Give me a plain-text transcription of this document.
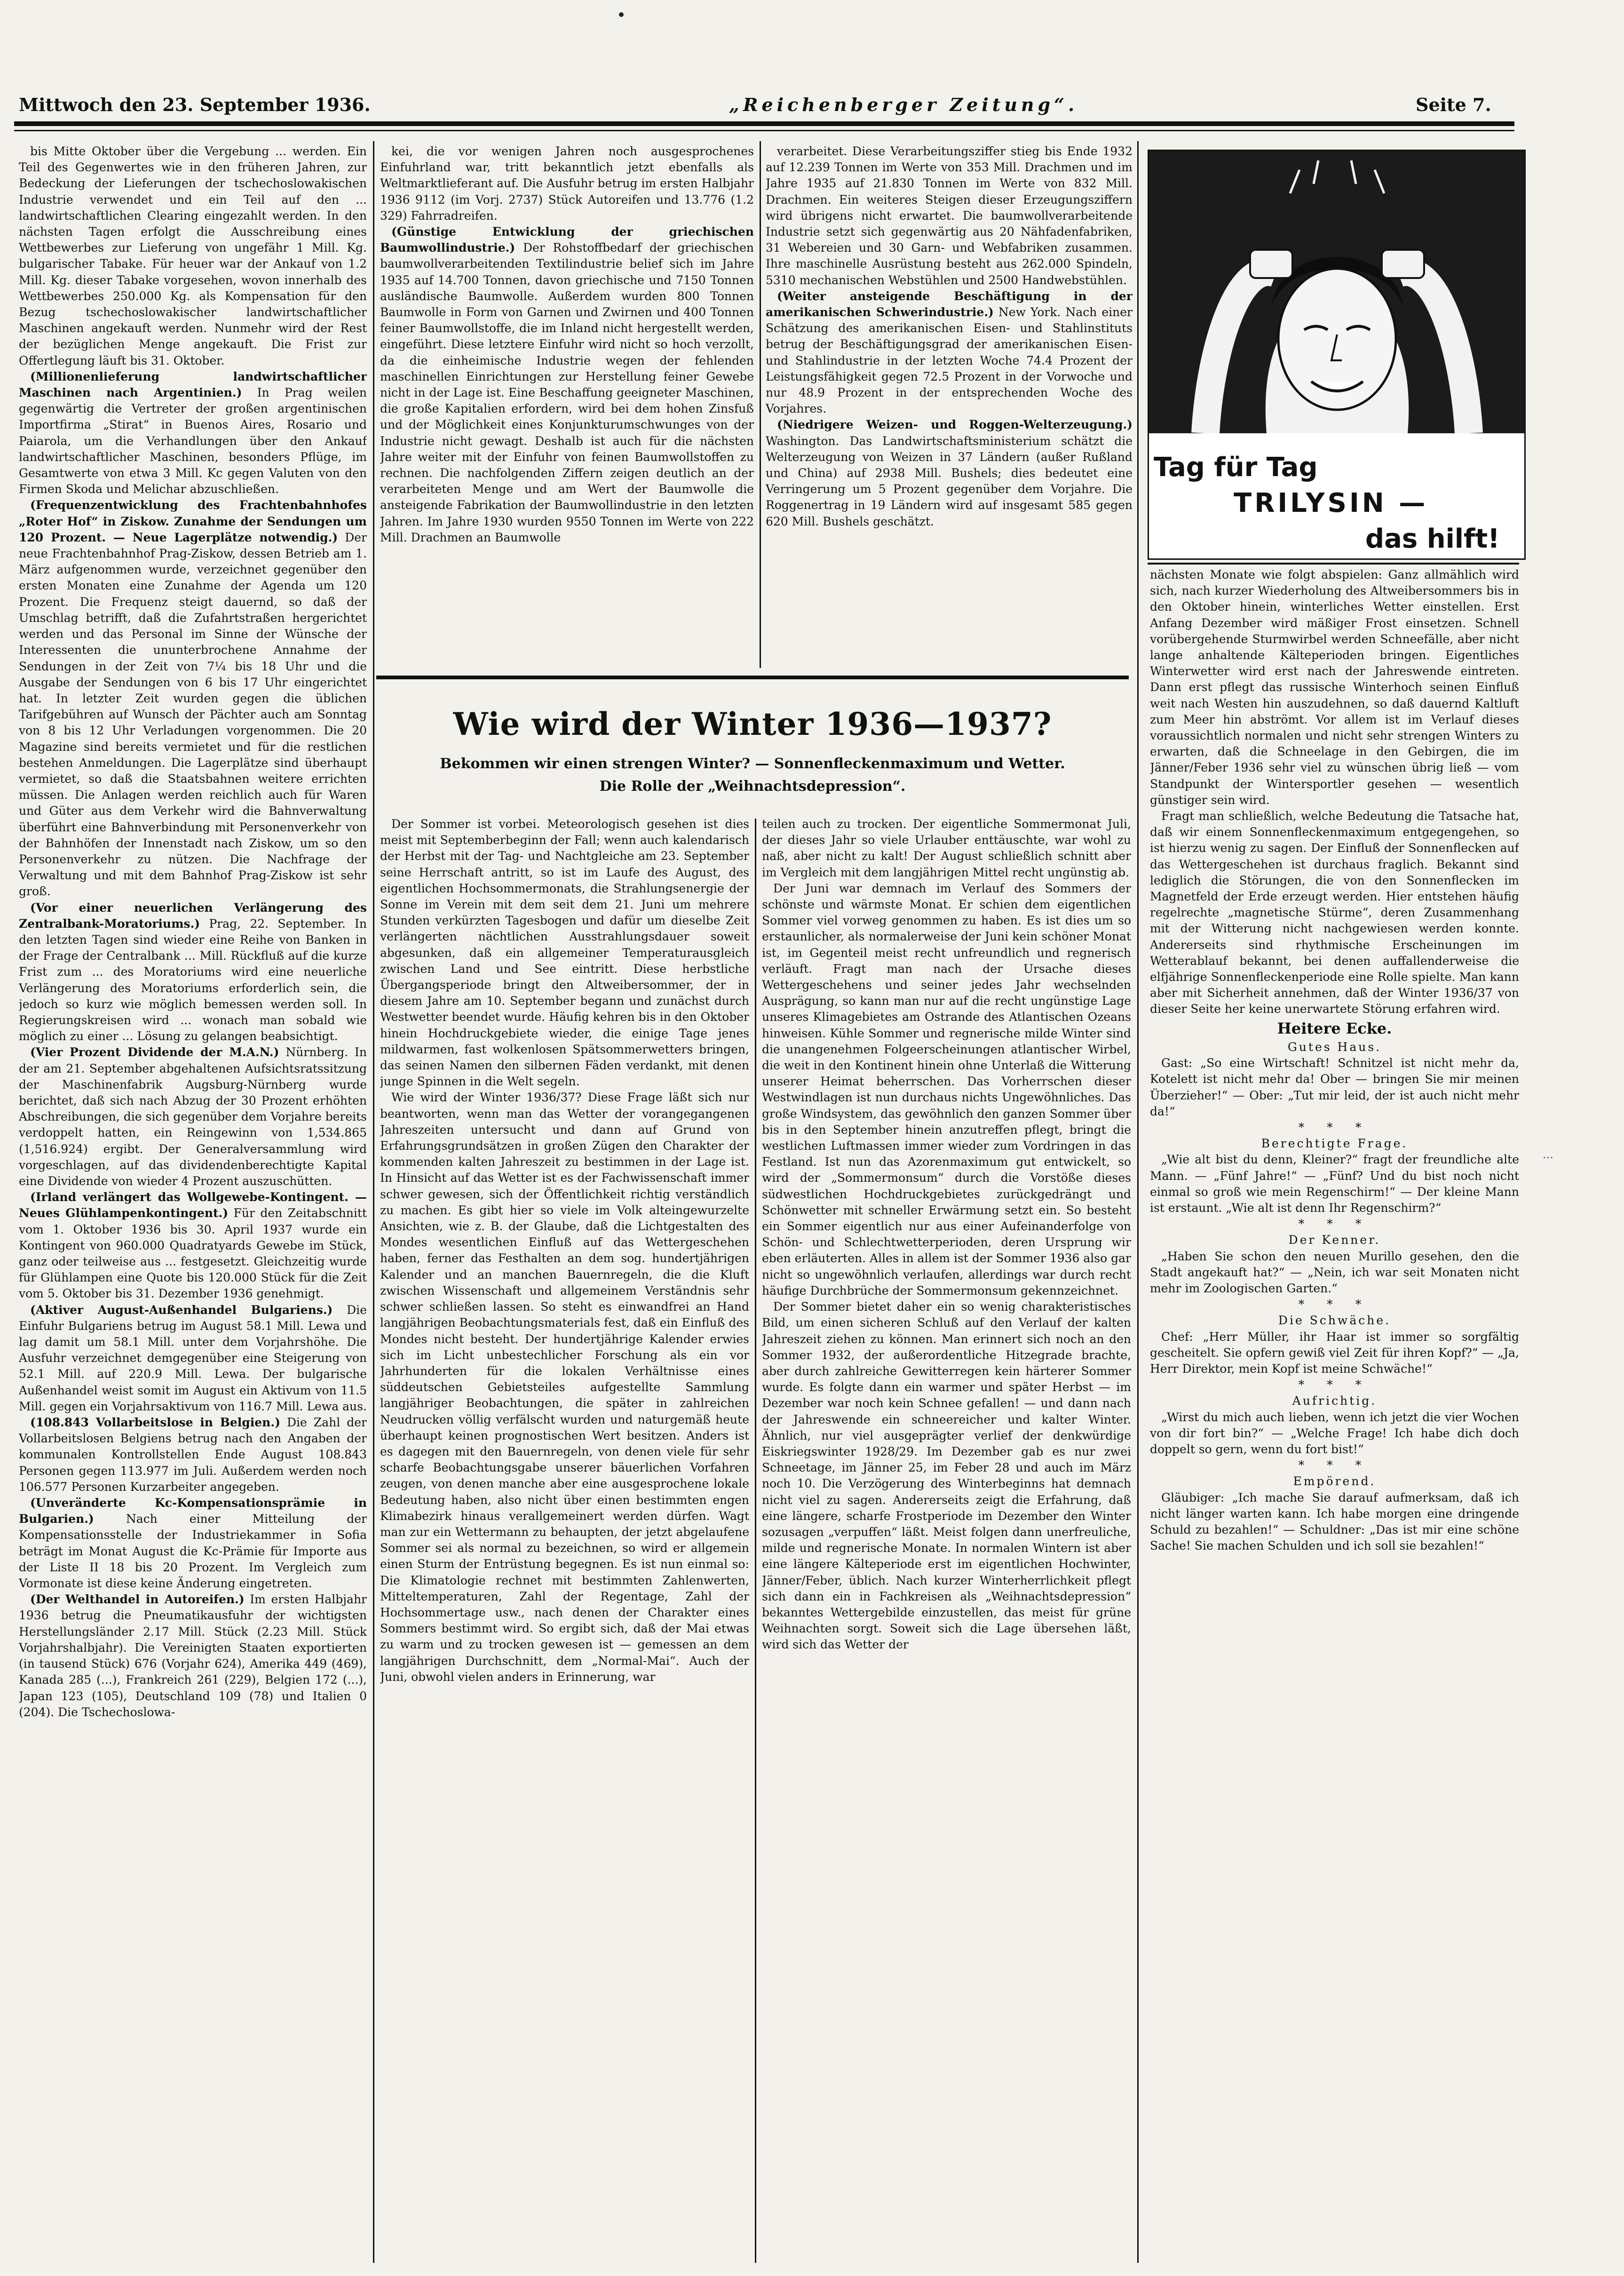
Mittwoch den 23. September 1936.	„Reichenberger Zeitung“.	Seite 7.

bis Mitte Oktober über die Vergebung ... werden. Ein Teil des Gegenwertes wie in den früheren Jahren, zur Bedeckung der Lieferungen der tschechoslowakischen Industrie verwendet und ein Teil auf den ... landwirtschaftlichen Clearing eingezahlt werden. In den nächsten Tagen erfolgt die Ausschreibung eines Wettbewerbes zur Lieferung von ungefähr 1 Mill. Kg. bulgarischer Tabake. Für heuer war der Ankauf von 1.2 Mill. Kg. dieser Tabake vorgesehen, wovon innerhalb des Wettbewerbes 250.000 Kg. als Kompensation für den Bezug tschechoslowakischer landwirtschaftlicher Maschinen angekauft werden. Nunmehr wird der Rest der bezüglichen Menge angekauft. Die Frist zur Offertlegung läuft bis 31. Oktober.

(Millionenlieferung landwirtschaftlicher Maschinen nach Argentinien.) In Prag weilen gegenwärtig die Vertreter der großen argentinischen Importfirma „Stirat“ in Buenos Aires, Rosario und Paiarola, um die Verhandlungen über den Ankauf landwirtschaftlicher Maschinen, besonders Pflüge, im Gesamtwerte von etwa 3 Mill. Kc gegen Valuten von den Firmen Skoda und Melichar abzuschließen.

(Frequenzentwicklung des Frachtenbahnhofes „Roter Hof“ in Ziskow. Zunahme der Sendungen um 120 Prozent. — Neue Lagerplätze notwendig.) Der neue Frachtenbahnhof Prag-Ziskow, dessen Betrieb am 1. März aufgenommen wurde, verzeichnet gegenüber den ersten Monaten eine Zunahme der Agenda um 120 Prozent. Die Frequenz steigt dauernd, so daß der Umschlag betrifft, daß die Zufahrtstraßen hergerichtet werden und das Personal im Sinne der Wünsche der Interessenten die ununterbrochene Annahme der Sendungen in der Zeit von 7¼ bis 18 Uhr und die Ausgabe der Sendungen von 6 bis 17 Uhr eingerichtet hat. In letzter Zeit wurden gegen die üblichen Tarifgebühren auf Wunsch der Pächter auch am Sonntag von 8 bis 12 Uhr Verladungen vorgenommen. Die 20 Magazine sind bereits vermietet und für die restlichen bestehen Anmeldungen. Die Lagerplätze sind überhaupt vermietet, so daß die Staatsbahnen weitere errichten müssen. Die Anlagen werden reichlich auch für Waren und Güter aus dem Verkehr wird die Bahnverwaltung überführt eine Bahnverbindung mit Personenverkehr von der Bahnhöfen der Innenstadt nach Ziskow, um so den Personenverkehr zu nützen. Die Nachfrage der Verwaltung und mit dem Bahnhof Prag-Ziskow ist sehr groß.

(Vor einer neuerlichen Verlängerung des Zentralbank-Moratoriums.) Prag, 22. September. In den letzten Tagen sind wieder eine Reihe von Banken in der Frage der Centralbank ... Mill. Rückfluß auf die kurze Frist zum ... des Moratoriums wird eine neuerliche Verlängerung des Moratoriums erforderlich sein, die jedoch so kurz wie möglich bemessen werden soll. In Regierungskreisen wird ... wonach man sobald wie möglich zu einer ... Lösung zu gelangen beabsichtigt.

(Vier Prozent Dividende der M.A.N.) Nürnberg. In der am 21. September abgehaltenen Aufsichtsratssitzung der Maschinenfabrik Augsburg-Nürnberg wurde berichtet, daß sich nach Abzug der 30 Prozent erhöhten Abschreibungen, die sich gegenüber dem Vorjahre bereits verdoppelt hatten, ein Reingewinn von 1,534.865 (1,516.924) ergibt. Der Generalversammlung wird vorgeschlagen, auf das dividendenberechtigte Kapital eine Dividende von wieder 4 Prozent auszuschütten.

(Irland verlängert das Wollgewebe-Kontingent. — Neues Glühlampenkontingent.) Für den Zeitabschnitt vom 1. Oktober 1936 bis 30. April 1937 wurde ein Kontingent von 960.000 Quadratyards Gewebe im Stück, ganz oder teilweise aus ... festgesetzt. Gleichzeitig wurde für Glühlampen eine Quote bis 120.000 Stück für die Zeit vom 5. Oktober bis 31. Dezember 1936 genehmigt.

(Aktiver August-Außenhandel Bulgariens.) Die Einfuhr Bulgariens betrug im August 58.1 Mill. Lewa und lag damit um 58.1 Mill. unter dem Vorjahrshöhe. Die Ausfuhr verzeichnet demgegenüber eine Steigerung von 52.1 Mill. auf 220.9 Mill. Lewa. Der bulgarische Außenhandel weist somit im August ein Aktivum von 11.5 Mill. gegen ein Vorjahrsaktivum von 116.7 Mill. Lewa aus.

(108.843 Vollarbeitslose in Belgien.) Die Zahl der Vollarbeitslosen Belgiens betrug nach den Angaben der kommunalen Kontrollstellen Ende August 108.843 Personen gegen 113.977 im Juli. Außerdem werden noch 106.577 Personen Kurzarbeiter angegeben.

(Unveränderte Kc-Kompensationsprämie in Bulgarien.)	Nach einer Mitteilung der Kompensationsstelle der Industriekammer in Sofia beträgt im Monat August die Kc-Prämie für Importe aus der Liste II 18 bis 20 Prozent. Im Vergleich zum Vormonate ist diese keine Änderung eingetreten.

(Der Welthandel in Autoreifen.) Im ersten Halbjahr 1936 betrug die Pneumatikausfuhr der wichtigsten Herstellungsländer 2.17 Mill. Stück (2.23 Mill. Stück Vorjahrshalbjahr). Die Vereinigten Staaten exportierten (in tausend Stück) 676 (Vorjahr 624), Amerika 449 (469), Kanada 285 (...), Frankreich 261 (229), Belgien 172 (...), Japan 123 (105), Deutschland 109 (78) und Italien 0 (204). Die Tschechoslowa-

kei, die vor wenigen Jahren noch ausgesprochenes Einfuhrland war, tritt bekanntlich jetzt ebenfalls als Weltmarktlieferant auf. Die Ausfuhr betrug im ersten Halbjahr 1936 9112 (im Vorj. 2737) Stück Autoreifen und 13.776 (1.2 329) Fahrradreifen.

(Günstige Entwicklung der griechischen Baumwollindustrie.) Der Rohstoffbedarf der griechischen baumwollverarbeitenden Textilindustrie belief sich im Jahre 1935 auf 14.700 Tonnen, davon griechische und 7150 Tonnen ausländische Baumwolle. Außerdem wurden 800 Tonnen Baumwolle in Form von Garnen und Zwirnen und 400 Tonnen feiner Baumwollstoffe, die im Inland nicht hergestellt werden, eingeführt. Diese letztere Einfuhr wird nicht so hoch verzollt, da die einheimische Industrie wegen der fehlenden maschinellen Einrichtungen zur Herstellung feiner Gewebe nicht in der Lage ist. Eine Beschaffung geeigneter Maschinen, die große Kapitalien erfordern, wird bei dem hohen Zinsfuß und der Möglichkeit eines Konjunkturumschwunges von der Industrie nicht gewagt. Deshalb ist auch für die nächsten Jahre weiter mit der Einfuhr von feinen Baumwollstoffen zu rechnen. Die nachfolgenden Ziffern zeigen deutlich an der verarbeiteten Menge und am Wert der Baumwolle die ansteigende Fabrikation der Baumwollindustrie in den letzten Jahren. Im Jahre 1930 wurden 9550 Tonnen im Werte von 222 Mill. Drachmen an Baumwolle

verarbeitet. Diese Verarbeitungsziffer stieg bis Ende 1932 auf 12.239 Tonnen im Werte von 353 Mill. Drachmen und im Jahre 1935 auf 21.830 Tonnen im Werte von 832 Mill. Drachmen. Ein weiteres Steigen dieser Erzeugungsziffern wird übrigens nicht erwartet. Die baumwollverarbeitende Industrie setzt sich gegenwärtig aus 20 Nähfadenfabriken, 31 Webereien und 30 Garn- und Webfabriken zusammen. Ihre maschinelle Ausrüstung besteht aus 262.000 Spindeln, 5310 mechanischen Webstühlen und 2500 Handwebstühlen.

(Weiter ansteigende Beschäftigung in der amerikanischen Schwerindustrie.) New York. Nach einer Schätzung des amerikanischen Eisen- und Stahlinstituts betrug der Beschäftigungsgrad der amerikanischen Eisen- und Stahlindustrie in der letzten Woche 74.4 Prozent der Leistungsfähigkeit gegen 72.5 Prozent in der Vorwoche und nur 48.9 Prozent in der entsprechenden Woche des Vorjahres.

(Niedrigere Weizen- und Roggen-Welterzeugung.) Washington. Das Landwirtschaftsministerium schätzt die Welterzeugung von Weizen in 37 Ländern (außer Rußland und China) auf 2938 Mill. Bushels; dies bedeutet eine Verringerung um 5 Prozent gegenüber dem Vorjahre. Die Roggenertrag in 19 Ländern wird auf insgesamt 585 gegen 620 Mill. Bushels geschätzt.

Wie wird der Winter 1936—1937?
Bekommen wir einen strengen Winter? — Sonnenfleckenmaximum und Wetter.
Die Rolle der „Weihnachtsdepression“.

Der Sommer ist vorbei. Meteorologisch gesehen ist dies meist mit Septemberbeginn der Fall; wenn auch kalendarisch der Herbst mit der Tag- und Nachtgleiche am 23. September seine Herrschaft antritt, so ist im Laufe des August, des eigentlichen Hochsommermonats, die Strahlungsenergie der Sonne im Verein mit dem seit dem 21. Juni um mehrere Stunden verkürzten Tagesbogen und dafür um dieselbe Zeit verlängerten nächtlichen Ausstrahlungsdauer soweit abgesunken, daß ein allgemeiner Temperaturausgleich zwischen Land und See eintritt. Diese herbstliche Übergangsperiode bringt den Altweibersommer, der in diesem Jahre am 10. September begann und zunächst durch Westwetter beendet wurde. Häufig kehren bis in den Oktober hinein Hochdruckgebiete wieder, die einige Tage jenes mildwarmen, fast wolkenlosen Spätsommerwetters bringen, das seinen Namen den silbernen Fäden verdankt, mit denen junge Spinnen in die Welt segeln.

Wie wird der Winter 1936/37? Diese Frage läßt sich nur beantworten, wenn man das Wetter der vorangegangenen Jahreszeiten untersucht und dann auf Grund von Erfahrungsgrundsätzen in großen Zügen den Charakter der kommenden kalten Jahreszeit zu bestimmen in der Lage ist. In Hinsicht auf das Wetter ist es der Fachwissenschaft immer schwer gewesen, sich der Öffentlichkeit richtig verständlich zu machen. Es gibt hier so viele im Volk alteingewurzelte Ansichten, wie z. B. der Glaube, daß die Lichtgestalten des Mondes wesentlichen Einfluß auf das Wettergeschehen haben, ferner das Festhalten an dem sog. hundertjährigen Kalender und an manchen Bauernregeln, die die Kluft zwischen Wissenschaft und allgemeinem Verständnis sehr schwer schließen lassen. So steht es einwandfrei an Hand langjährigen Beobachtungsmaterials fest, daß ein Einfluß des Mondes nicht besteht. Der hundertjährige Kalender erwies sich im Licht unbestechlicher Forschung als ein vor Jahrhunderten für die lokalen Verhältnisse eines süddeutschen Gebietsteiles aufgestellte Sammlung langjähriger Beobachtungen, die später in zahlreichen Neudrucken völlig verfälscht wurden und naturgemäß heute überhaupt keinen prognostischen Wert besitzen. Anders ist es dagegen mit den Bauernregeln, von denen viele für sehr scharfe Beobachtungsgabe unserer bäuerlichen Vorfahren zeugen, von denen manche aber eine ausgesprochene lokale Bedeutung haben, also nicht über einen bestimmten engen Klimabezirk hinaus verallgemeinert werden dürfen. Wagt man zur ein Wettermann zu behaupten, der jetzt abgelaufene Sommer sei als normal zu bezeichnen, so wird er allgemein einen Sturm der Entrüstung begegnen. Es ist nun einmal so: Die Klimatologie rechnet mit bestimmten Zahlenwerten, Mitteltemperaturen, Zahl der Regentage, Zahl der Hochsommertage usw., nach denen der Charakter eines Sommers bestimmt wird. So ergibt sich, daß der Mai etwas zu warm und zu trocken gewesen ist — gemessen an dem langjährigen Durchschnitt, dem „Normal-Mai“. Auch der Juni, obwohl vielen anders in Erinnerung, war

teilen auch zu trocken. Der eigentliche Sommermonat Juli, der dieses Jahr so viele Urlauber enttäuschte, war wohl zu naß, aber nicht zu kalt! Der August schließlich schnitt aber im Vergleich mit dem langjährigen Mittel recht ungünstig ab.

Der Juni war demnach im Verlauf des Sommers der schönste und wärmste Monat. Er schien dem eigentlichen Sommer viel vorweg genommen zu haben. Es ist dies um so erstaunlicher, als normalerweise der Juni kein schöner Monat ist, im Gegenteil meist recht unfreundlich und regnerisch verläuft. Fragt man nach der Ursache dieses Wettergeschehens und seiner jedes Jahr wechselnden Ausprägung, so kann man nur auf die recht ungünstige Lage unseres Klimagebietes am Ostrande des Atlantischen Ozeans hinweisen. Kühle Sommer und regnerische milde Winter sind die unangenehmen Folgeerscheinungen atlantischer Wirbel, die weit in den Kontinent hinein ohne Unterlaß die Witterung unserer Heimat beherrschen. Das Vorherrschen dieser Westwindlagen ist nun durchaus nichts Ungewöhnliches. Das große Windsystem, das gewöhnlich den ganzen Sommer über bis in den September hinein anzutreffen pflegt, bringt die westlichen Luftmassen immer wieder zum Vordringen in das Festland. Ist nun das Azorenmaximum gut entwickelt, so wird der „Sommermonsum“ durch die Vorstöße dieses südwestlichen Hochdruckgebietes zurückgedrängt und Schönwetter mit schneller Erwärmung setzt ein. So besteht ein Sommer eigentlich nur aus einer Aufeinanderfolge von Schön- und Schlechtwetterperioden, deren Ursprung wir eben erläuterten. Alles in allem ist der Sommer 1936 also gar nicht so ungewöhnlich verlaufen, allerdings war durch recht häufige Durchbrüche der Sommermonsum gekennzeichnet.

Der Sommer bietet daher ein so wenig charakteristisches Bild, um einen sicheren Schluß auf den Verlauf der kalten Jahreszeit ziehen zu können. Man erinnert sich noch an den Sommer 1932, der außerordentliche Hitzegrade brachte, aber durch zahlreiche Gewitterregen kein härterer Sommer wurde. Es folgte dann ein warmer und später Herbst — im Dezember war noch kein Schnee gefallen! — und dann nach der Jahreswende ein schneereicher und kalter Winter. Ähnlich, nur viel ausgeprägter verlief der denkwürdige Eiskriegswinter 1928/29. Im Dezember gab es nur zwei Schneetage, im Jänner 25, im Feber 28 und auch im März noch 10. Die Verzögerung des Winterbeginns hat demnach nicht viel zu sagen. Andererseits zeigt die Erfahrung, daß eine längere, scharfe Frostperiode im Dezember den Winter sozusagen „verpuffen“ läßt. Meist folgen dann unerfreuliche, milde und regnerische Monate. In normalen Wintern ist aber eine längere Kälteperiode erst im eigentlichen Hochwinter, Jänner/Feber, üblich. Nach kurzer Winterherrlichkeit pflegt sich dann ein in Fachkreisen als „Weihnachtsdepression“ bekanntes Wettergebilde einzustellen, das meist für grüne Weihnachten sorgt. Soweit sich die Lage übersehen läßt, wird sich das Wetter der

Tag für Tag
TRILYSIN —
das hilft!

nächsten Monate wie folgt abspielen: Ganz allmählich wird sich, nach kurzer Wiederholung des Altweibersommers bis in den Oktober hinein, winterliches Wetter einstellen. Erst Anfang Dezember wird mäßiger Frost einsetzen. Schnell vorübergehende Sturmwirbel werden Schneefälle, aber nicht lange anhaltende Kälteperioden bringen. Eigentliches Winterwetter wird erst nach der Jahreswende eintreten. Dann erst pflegt das russische Winterhoch seinen Einfluß weit nach Westen hin auszudehnen, so daß dauernd Kaltluft zum Meer hin abströmt. Vor allem ist im Verlauf dieses voraussichtlich normalen und nicht sehr strengen Winters zu erwarten, daß die Schneelage in den Gebirgen, die im Jänner/Feber 1936 sehr viel zu wünschen übrig ließ — vom Standpunkt der Wintersportler gesehen — wesentlich günstiger sein wird.

Fragt man schließlich, welche Bedeutung die Tatsache hat, daß wir einem Sonnenfleckenmaximum entgegengehen, so ist hierzu wenig zu sagen. Der Einfluß der Sonnenflecken auf das Wettergeschehen ist durchaus fraglich. Bekannt sind lediglich die Störungen, die von den Sonnenflecken im Magnetfeld der Erde erzeugt werden. Hier entstehen häufig regelrechte „magnetische Stürme“, deren Zusammenhang mit der Witterung nicht nachgewiesen werden konnte. Andererseits sind rhythmische Erscheinungen im Wetterablauf bekannt, bei denen auffallenderweise die elfjährige Sonnenfleckenperiode eine Rolle spielte. Man kann aber mit Sicherheit annehmen, daß der Winter 1936/37 von dieser Seite her keine unerwartete Störung erfahren wird.

Heitere Ecke.

Gutes Haus.

Gast: „So eine Wirtschaft! Schnitzel ist nicht mehr da, Kotelett ist nicht mehr da! Ober — bringen Sie mir meinen Überzieher!“ — Ober: „Tut mir leid, der ist auch nicht mehr da!“

* * *

Berechtigte Frage.

„Wie alt bist du denn, Kleiner?“ fragt der freundliche alte Mann. — „Fünf Jahre!“ — „Fünf? Und du bist noch nicht einmal so groß wie mein Regenschirm!“ — Der kleine Mann ist erstaunt. „Wie alt ist denn Ihr Regenschirm?“

* * *

Der Kenner.

„Haben Sie schon den neuen Murillo gesehen, den die Stadt angekauft hat?“ — „Nein, ich war seit Monaten nicht mehr im Zoologischen Garten.“

* * *

Die Schwäche.

Chef: „Herr Müller, ihr Haar ist immer so sorgfältig gescheitelt. Sie opfern gewiß viel Zeit für ihren Kopf?“ — „Ja, Herr Direktor, mein Kopf ist meine Schwäche!“

* * *

Aufrichtig.

„Wirst du mich auch lieben, wenn ich jetzt die vier Wochen von dir fort bin?“ — „Welche Frage! Ich habe dich doch doppelt so gern, wenn du fort bist!“

* * *

Empörend.

Gläubiger: „Ich mache Sie darauf aufmerksam, daß ich nicht länger warten kann. Ich habe morgen eine dringende Schuld zu bezahlen!“ — Schuldner: „Das ist mir eine schöne Sache! Sie machen Schulden und ich soll sie bezahlen!“

...
